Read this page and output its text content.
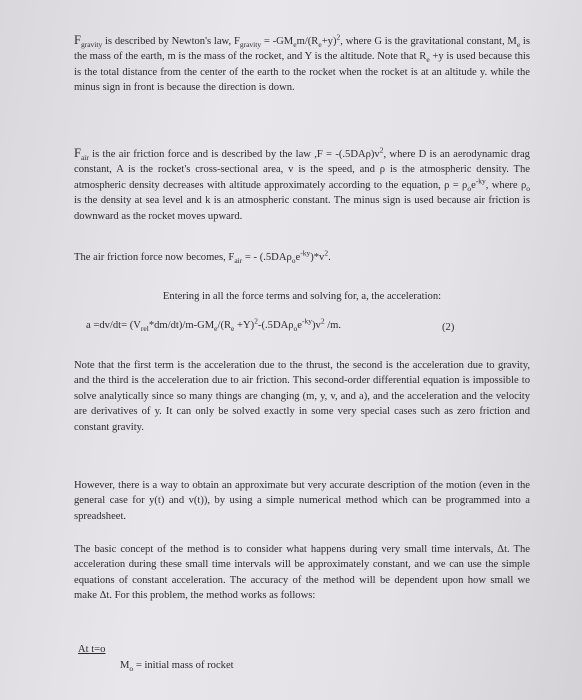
$F_{gravity}$ is described by Newton's law, $F_{gravity} = -GM_em/(R_e+y)^2$, where G is the gravitational constant, $M_e$ is the mass of the earth, m is the mass of the rocket, and Y is the altitude. Note that $R_e +y$ is used because this is the total distance from the center of the earth to the rocket when the rocket is at an altitude y. while the minus sign in front is because the direction is down.

$F_{air}$ is the air friction force and is described by the law $,F = -(.5DA\rho)v^2$, where D is an aerodynamic drag constant, A is the rocket's cross-sectional area, v is the speed, and ρ is the atmospheric density. The atmospheric density decreases with altitude approximately according to the equation, $\rho = \rho_oe^{-ky}$, where $\rho_o$ is the density at sea level and k is an atmospheric constant. The minus sign is used because air friction is downward as the rocket moves upward.

The air friction force now becomes, $F_{air}$ = - $(.5DA\rho_oe^{-ky})*v^2$.

Entering in all the force terms and solving for, a, the acceleration:

$a =dv/dt= (V_{rel}*dm/dt)/m-GM_e/(R_e +Y)^2-(.5DA\rho_oe^{-ky})v^2$ /m.	(2)

Note that the first term is the acceleration due to the thrust, the second is the acceleration due to gravity, and the third is the acceleration due to air friction. This second-order differential equation is impossible to solve analytically since so many things are changing (m, y, v, and a), and the acceleration and the velocity are derivatives of y. It can only be solved exactly in some very special cases such as zero friction and constant gravity.

However, there is a way to obtain an approximate but very accurate description of the motion (even in the general case for y(t) and v(t)), by using a simple numerical method which can be programmed into a spreadsheet.

The basic concept of the method is to consider what happens during very small time intervals, Δt. The acceleration during these small time intervals will be approximately constant, and we can use the simple equations of constant acceleration. The accuracy of the method will be dependent upon how small we make Δt. For this problem, the method works as follows:

At t=o
$M_o$ = initial mass of rocket
